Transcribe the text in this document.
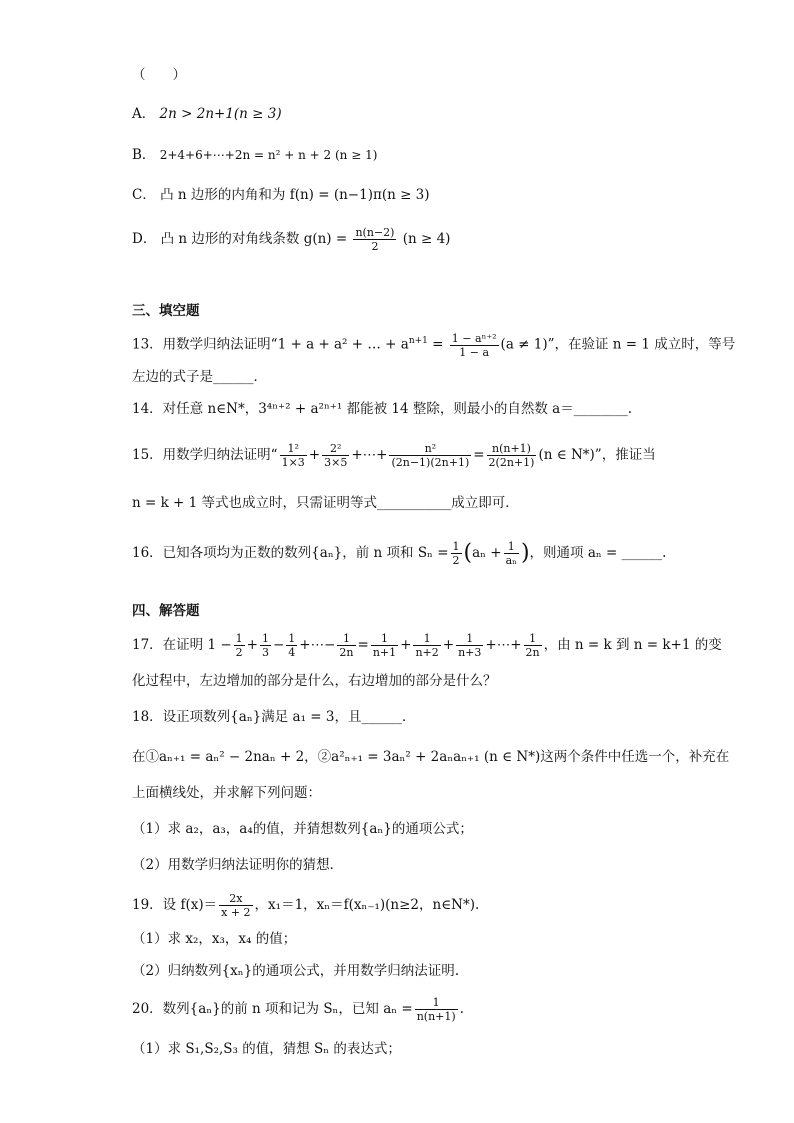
（　　）
A． 2n > 2n+1(n ≥ 3)
B． 2+4+6+⋯+2n = n² + n + 2 (n ≥ 1)
C． 凸 n 边形的内角和为 f(n) = (n−1)π(n ≥ 3)
D． 凸 n 边形的对角线条数 $g(n) = \frac{n(n-2)}{2} (n \ge 4)$
三、填空题
13．用数学归纳法证明“1 + a + a² + … + $a^{n+1} = \frac{\text{1 − aⁿ⁺²}}{1 - a} (a \ne 1)$”，在验证 n = 1 成立时，等号
左边的式子是______．
14．对任意 n∈N*，3⁴ⁿ⁺² + a²ⁿ⁺¹ 都能被 14 整除，则最小的自然数 a＝________.
15．用数学归纳法证明“ $\frac{\text{1²}}{1\times 3} + \frac{\text{2²}}{3\times 5}$ +⋯+ $\frac{\text{n²}}{(2n-1)(2n+1)} = \frac{n(n+1)}{2(2n+1)} (n$ ∈ N*)”，推证当
n = k + 1 等式也成立时，只需证明等式___________成立即可．
16．已知各项均为正数的数列{aₙ}，前 n 项和 $S_n = \frac{1}{2} (a_n + \frac{1}{\text{aₙ}}$ )，则通项 aₙ = ______.
四、解答题
17．在证明 $1 - \frac{1}{2} + \frac{1}{3} - \frac{1}{4}$ +⋯− $\frac{1}{2n} = \frac{1}{n+1} + \frac{1}{n+2} + \frac{1}{n+3}$ +⋯+ $\frac{1}{2n}$ ，由 n = k 到 n = k+1 的变
化过程中，左边增加的部分是什么，右边增加的部分是什么？
18．设正项数列{aₙ}满足 a₁ = 3，且______．
在①aₙ₊₁ = aₙ² − 2naₙ + 2，②a²ₙ₊₁ = 3aₙ² + 2aₙaₙ₊₁ (n ∈ N*)这两个条件中任选一个，补充在
上面横线处，并求解下列问题：
（1）求 a₂，a₃，a₄的值，并猜想数列{aₙ}的通项公式；
（2）用数学归纳法证明你的猜想．
19．设 $f(x)= \frac{2x}{x + 2}$ ，x₁＝1，xₙ＝f(xₙ₋₁)(n≥2，n∈N*).
（1）求 x₂，x₃，x₄ 的值；
（2）归纳数列{xₙ}的通项公式，并用数学归纳法证明.
20．数列{aₙ}的前 n 项和记为 Sₙ，已知 $a_n = \frac{1}{n(n+1)}$ .
（1）求 S₁,S₂,S₃ 的值，猜想 Sₙ 的表达式；
